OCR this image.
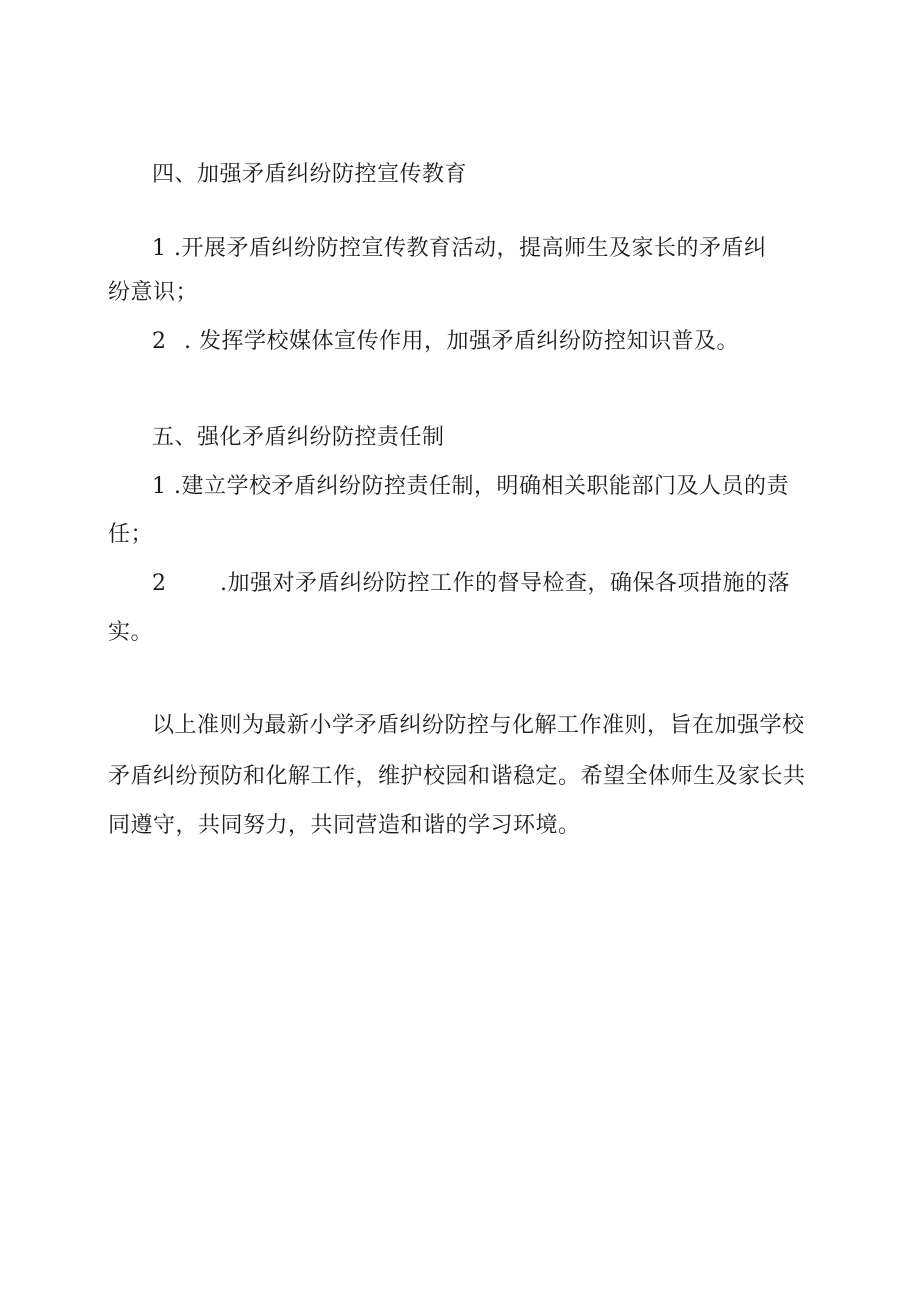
四、加强矛盾纠纷防控宣传教育
1 .开展矛盾纠纷防控宣传教育活动，提高师生及家长的矛盾纠
纷意识；
2 . 发挥学校媒体宣传作用，加强矛盾纠纷防控知识普及。
五、强化矛盾纠纷防控责任制
1 .建立学校矛盾纠纷防控责任制，明确相关职能部门及人员的责
任；
2 .加强对矛盾纠纷防控工作的督导检查，确保各项措施的落
实。
以上准则为最新小学矛盾纠纷防控与化解工作准则，旨在加强学校
矛盾纠纷预防和化解工作，维护校园和谐稳定。希望全体师生及家长共
同遵守，共同努力，共同营造和谐的学习环境。
